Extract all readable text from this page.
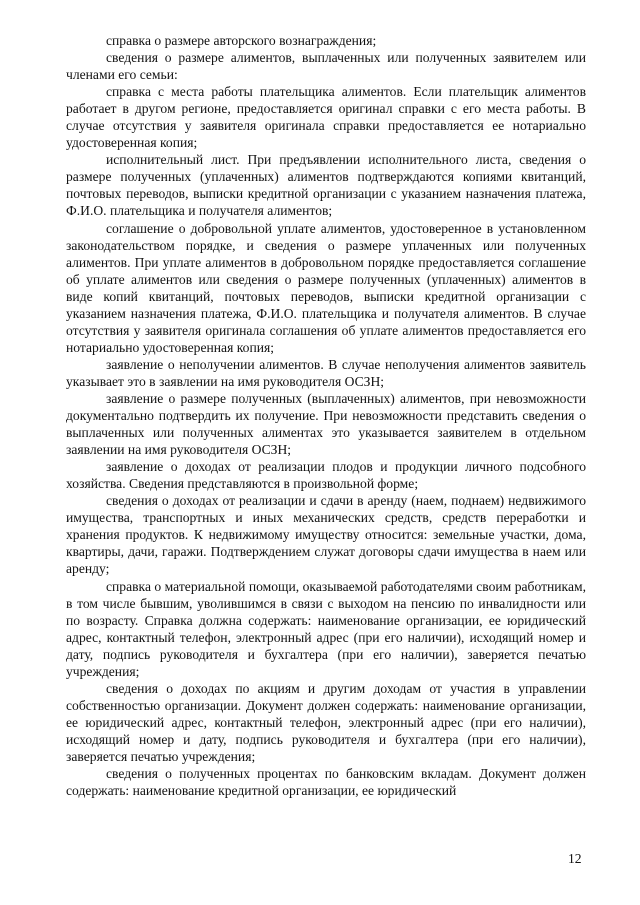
справка о размере авторского вознаграждения;

сведения о размере алиментов, выплаченных или полученных заявителем или членами его семьи:

справка с места работы плательщика алиментов. Если плательщик алиментов работает в другом регионе, предоставляется оригинал справки с его места работы. В случае отсутствия у заявителя оригинала справки предоставляется ее нотариально удостоверенная копия;

исполнительный лист. При предъявлении исполнительного листа, сведения о размере полученных (уплаченных) алиментов подтверждаются копиями квитанций, почтовых переводов, выписки кредитной организации с указанием назначения платежа, Ф.И.О. плательщика и получателя алиментов;

соглашение о добровольной уплате алиментов, удостоверенное в установленном законодательством порядке, и сведения о размере уплаченных или полученных алиментов. При уплате алиментов в добровольном порядке предоставляется соглашение об уплате алиментов или сведения о размере полученных (уплаченных) алиментов в виде копий квитанций, почтовых переводов, выписки кредитной организации с указанием назначения платежа, Ф.И.О. плательщика и получателя алиментов. В случае отсутствия у заявителя оригинала соглашения об уплате алиментов предоставляется его нотариально удостоверенная копия;

заявление о неполучении алиментов. В случае неполучения алиментов заявитель указывает это в заявлении на имя руководителя ОСЗН;

заявление о размере полученных (выплаченных) алиментов, при невозможности документально подтвердить их получение. При невозможности представить сведения о выплаченных или полученных алиментах это указывается заявителем в отдельном заявлении на имя руководителя ОСЗН;

заявление о доходах от реализации плодов и продукции личного подсобного хозяйства. Сведения представляются в произвольной форме;

сведения о доходах от реализации и сдачи в аренду (наем, поднаем) недвижимого имущества, транспортных и иных механических средств, средств переработки и хранения продуктов. К недвижимому имуществу относится: земельные участки, дома, квартиры, дачи, гаражи. Подтверждением служат договоры сдачи имущества в наем или аренду;

справка о материальной помощи, оказываемой работодателями своим работникам, в том числе бывшим, уволившимся в связи с выходом на пенсию по инвалидности или по возрасту. Справка должна содержать: наименование организации, ее юридический адрес, контактный телефон, электронный адрес (при его наличии), исходящий номер и дату, подпись руководителя и бухгалтера (при его наличии), заверяется печатью учреждения;

сведения о доходах по акциям и другим доходам от участия в управлении собственностью организации. Документ должен содержать: наименование организации, ее юридический адрес, контактный телефон, электронный адрес (при его наличии), исходящий номер и дату, подпись руководителя и бухгалтера (при его наличии), заверяется печатью учреждения;

сведения о полученных процентах по банковским вкладам. Документ должен содержать: наименование кредитной организации, ее юридический

12
